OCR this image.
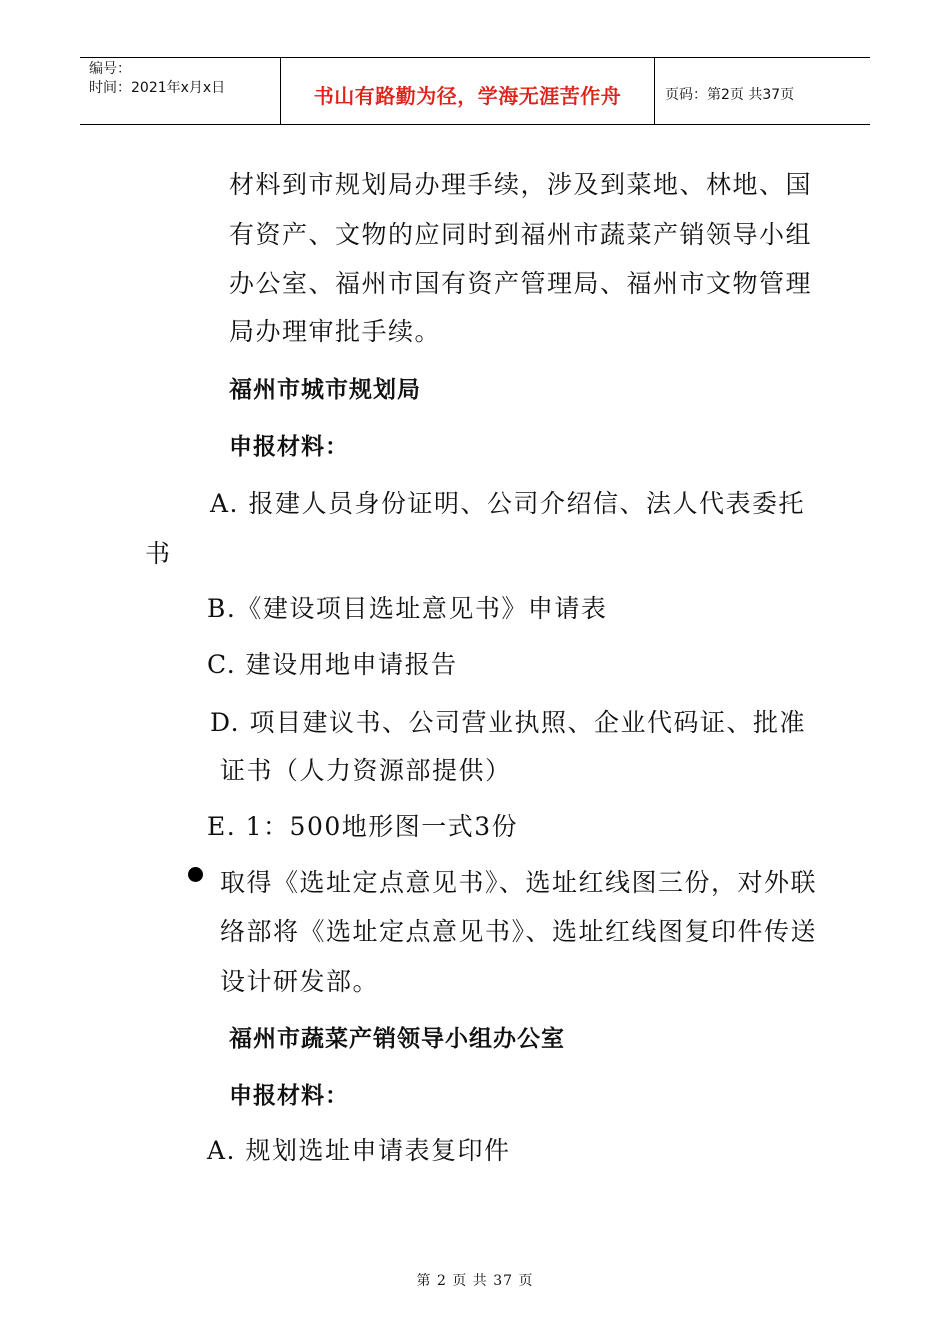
编号：
时间：2021年x月x日	书山有路勤为径，学海无涯苦作舟	页码：第2页 共37页
材料到市规划局办理手续，涉及到菜地、林地、国
有资产、文物的应同时到福州市蔬菜产销领导小组
办公室、福州市国有资产管理局、福州市文物管理
局办理审批手续。
福州市城市规划局
申报材料：
A. 报建人员身份证明、公司介绍信、法人代表委托
书
B.《建设项目选址意见书》申请表
C. 建设用地申请报告
D. 项目建议书、公司营业执照、企业代码证、批准
证书（人力资源部提供）
E. 1：500地形图一式3份
取得《选址定点意见书》、选址红线图三份，对外联
络部将《选址定点意见书》、选址红线图复印件传送
设计研发部。
福州市蔬菜产销领导小组办公室
申报材料：
A. 规划选址申请表复印件
第 2 页 共 37 页
